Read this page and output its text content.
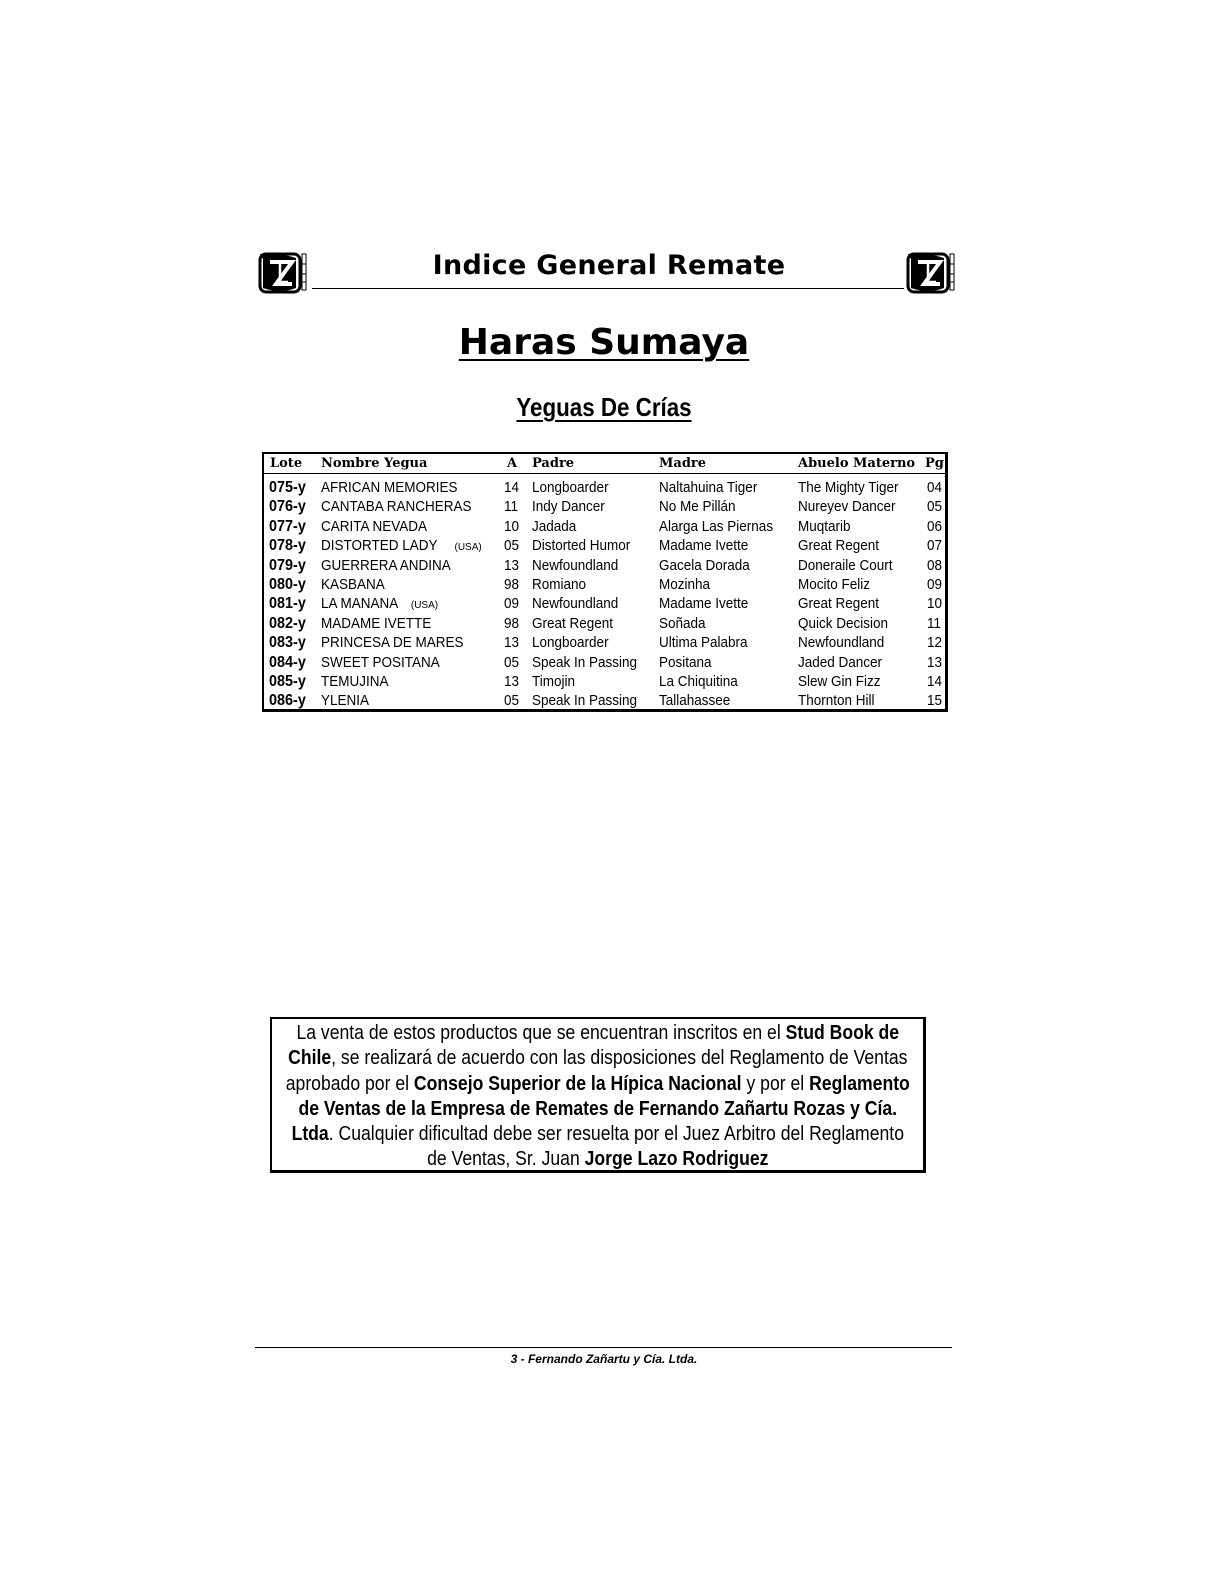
Indice General Remate
Haras Sumaya
Yeguas De Crías
Lote Nombre Yegua	A Padre	Madre	Abuelo Materno Pg
075-y AFRICAN MEMORIES	14 Longboarder	Naltahuina Tiger	The Mighty Tiger	04
076-y CANTABA RANCHERAS	11 Indy Dancer	No Me Pillán	Nureyev Dancer	05
077-y CARITA NEVADA	10 Jadada	Alarga Las Piernas	Muqtarib	06
078-y DISTORTED LADY (USA) 05 Distorted Humor	Madame Ivette	Great Regent	07
079-y GUERRERA ANDINA	13 Newfoundland	Gacela Dorada	Doneraile Court	08
080-y KASBANA	98 Romiano	Mozinha	Mocito Feliz	09
081-y LA MANANA (USA)	09 Newfoundland	Madame Ivette	Great Regent	10
082-y MADAME IVETTE	98 Great Regent	Soñada	Quick Decision	11
083-y PRINCESA DE MARES	13 Longboarder	Ultima Palabra	Newfoundland	12
084-y SWEET POSITANA	05 Speak In Passing	Positana	Jaded Dancer	13
085-y TEMUJINA	13 Timojin	La Chiquitina	Slew Gin Fizz	14
086-y YLENIA	05 Speak In Passing	Tallahassee	Thornton Hill	15
La venta de estos productos que se encuentran inscritos en el Stud Book de Chile, se realizará de acuerdo con las disposiciones del Reglamento de Ventas aprobado por el Consejo Superior de la Hípica Nacional y por el Reglamento de Ventas de la Empresa de Remates de Fernando Zañartu Rozas y Cía. Ltda. Cualquier dificultad debe ser resuelta por el Juez Arbitro del Reglamento de Ventas, Sr. Juan Jorge Lazo Rodriguez
3 - Fernando Zañartu y Cía. Ltda.
